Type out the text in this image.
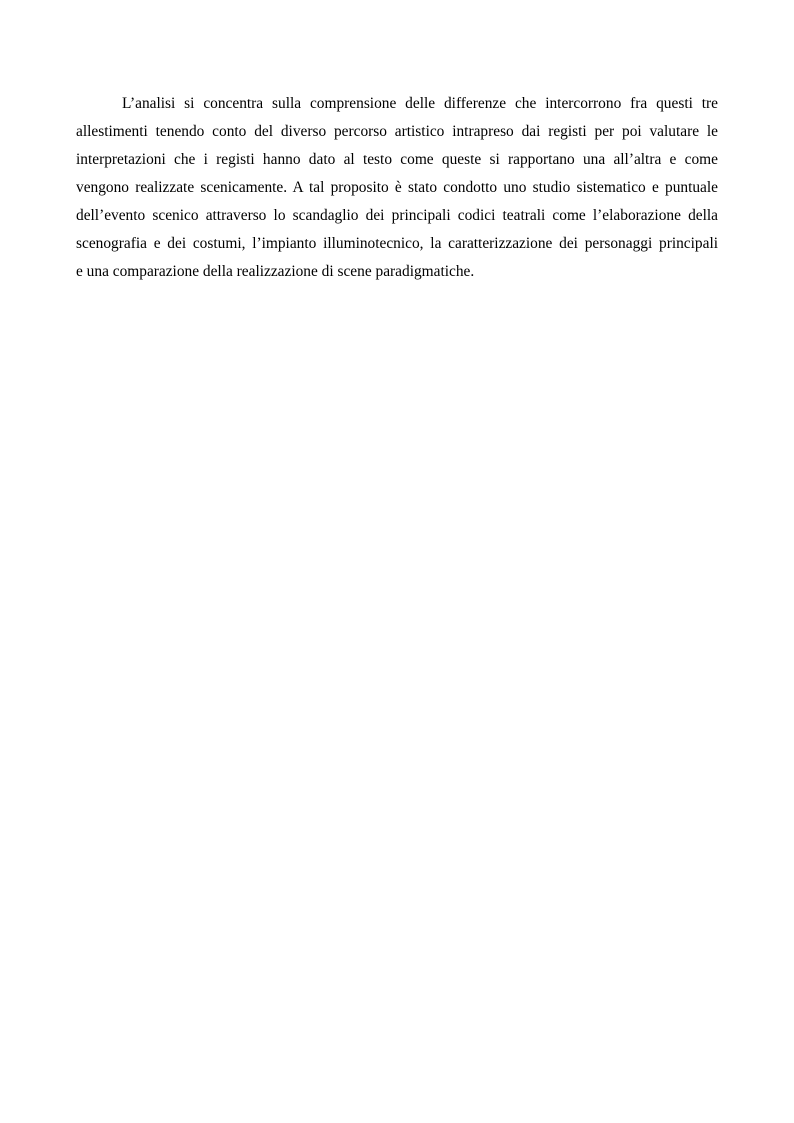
L’analisi si concentra sulla comprensione delle differenze che intercorrono fra questi tre
allestimenti tenendo conto del diverso percorso artistico intrapreso dai registi per poi valutare le
interpretazioni che i registi hanno dato al testo come queste si rapportano una all’altra e come
vengono realizzate scenicamente. A tal proposito è stato condotto uno studio sistematico e puntuale
dell’evento scenico attraverso lo scandaglio dei principali codici teatrali come l’elaborazione della
scenografia e dei costumi, l’impianto illuminotecnico, la caratterizzazione dei personaggi principali
e una comparazione della realizzazione di scene paradigmatiche.
